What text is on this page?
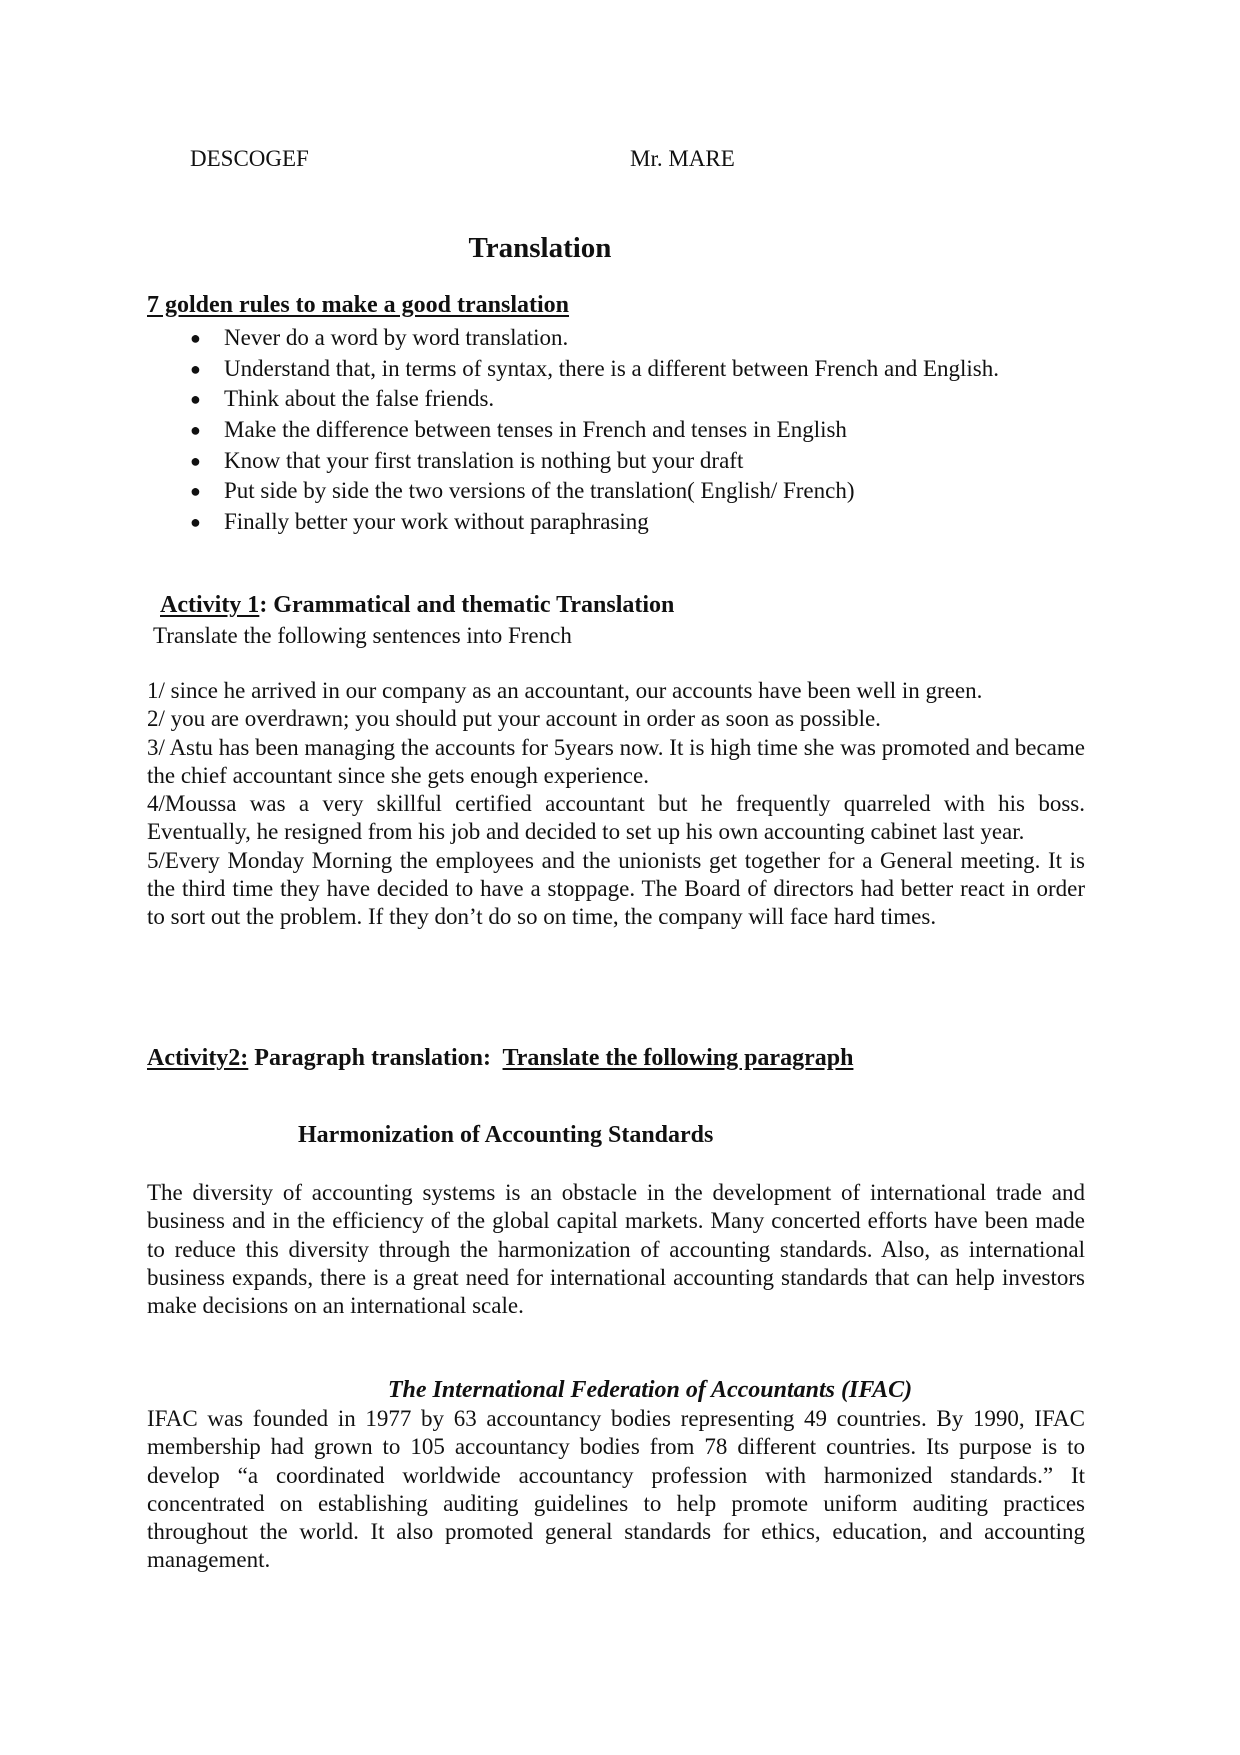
DESCOGEF	Mr. MARE
Translation
7 golden rules to make a good translation
● Never do a word by word translation.
● Understand that, in terms of syntax, there is a different between French and English.
● Think about the false friends.
● Make the difference between tenses in French and tenses in English
● Know that your first translation is nothing but your draft
● Put side by side the two versions of the translation( English/ French)
● Finally better your work without paraphrasing
Activity 1: Grammatical and thematic Translation
Translate the following sentences into French

1/ since he arrived in our company as an accountant, our accounts have been well in green.

2/ you are overdrawn; you should put your account in order as soon as possible.

3/ Astu has been managing the accounts for 5years now. It is high time she was promoted and became the chief accountant since she gets enough experience.

4/Moussa was a very skillful certified accountant but he frequently quarreled with his boss. Eventually, he resigned from his job and decided to set up his own accounting cabinet last year.

5/Every Monday Morning the employees and the unionists get together for a General meeting. It is the third time they have decided to have a stoppage. The Board of directors had better react in order to sort out the problem. If they don’t do so on time, the company will face hard times.

Activity2: Paragraph translation:  Translate the following paragraph
Harmonization of Accounting Standards
The diversity of accounting systems is an obstacle in the development of international trade and business and in the efficiency of the global capital markets. Many concerted efforts have been made to reduce this diversity through the harmonization of accounting standards. Also, as international business expands, there is a great need for international accounting standards that can help investors make decisions on an international scale.
The International Federation of Accountants (IFAC)
IFAC was founded in 1977 by 63 accountancy bodies representing 49 countries. By 1990, IFAC membership had grown to 105 accountancy bodies from 78 different countries. Its purpose is to develop “a coordinated worldwide accountancy profession with harmonized standards.” It concentrated on establishing auditing guidelines to help promote uniform auditing practices throughout the world. It also promoted general standards for ethics, education, and accounting management.
